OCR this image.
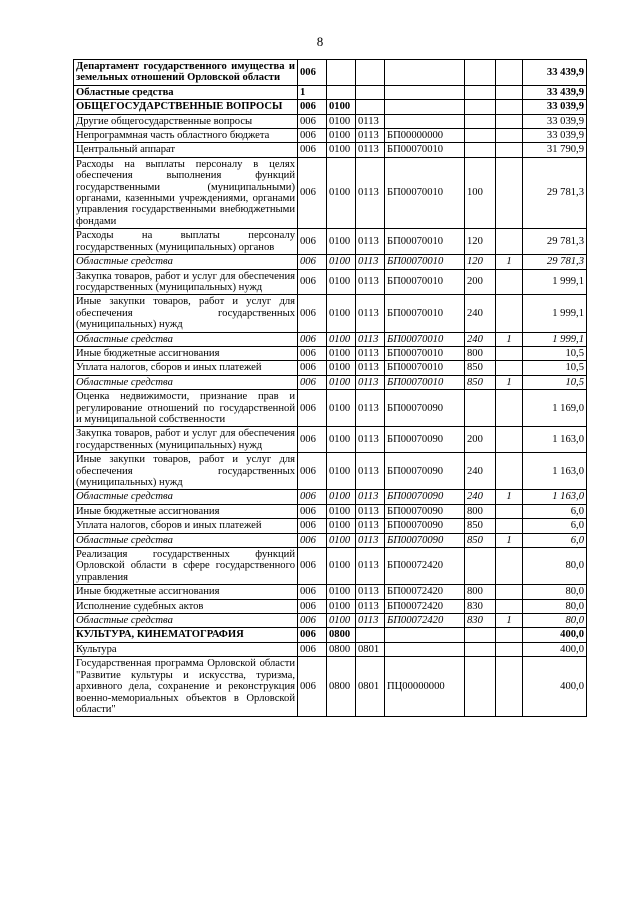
8
Департамент государственного имущества и земельных отношений Орловской области	006						33 439,9
Областные средства	1						33 439,9
ОБЩЕГОСУДАРСТВЕННЫЕ ВОПРОСЫ	006	0100					33 039,9
Другие общегосударственные вопросы	006	0100	0113				33 039,9
Непрограммная часть областного бюджета	006	0100	0113	БП00000000			33 039,9
Центральный аппарат	006	0100	0113	БП00070010			31 790,9
Расходы на выплаты персоналу в целях обеспечения выполнения функций государственными (муниципальными) органами, казенными учреждениями, органами управления государственными внебюджетными фондами	006	0100	0113	БП00070010	100		29 781,3
Расходы на выплаты персоналу государственных (муниципальных) органов	006	0100	0113	БП00070010	120		29 781,3
Областные средства	006	0100	0113	БП00070010	120	1	29 781,3
Закупка товаров, работ и услуг для обеспечения государственных (муниципальных) нужд	006	0100	0113	БП00070010	200		1 999,1
Иные закупки товаров, работ и услуг для обеспечения государственных (муниципальных) нужд	006	0100	0113	БП00070010	240		1 999,1
Областные средства	006	0100	0113	БП00070010	240	1	1 999,1
Иные бюджетные ассигнования	006	0100	0113	БП00070010	800		10,5
Уплата налогов, сборов и иных платежей	006	0100	0113	БП00070010	850		10,5
Областные средства	006	0100	0113	БП00070010	850	1	10,5
Оценка недвижимости, признание прав и регулирование отношений по государственной и муниципальной собственности	006	0100	0113	БП00070090			1 169,0
Закупка товаров, работ и услуг для обеспечения государственных (муниципальных) нужд	006	0100	0113	БП00070090	200		1 163,0
Иные закупки товаров, работ и услуг для обеспечения государственных (муниципальных) нужд	006	0100	0113	БП00070090	240		1 163,0
Областные средства	006	0100	0113	БП00070090	240	1	1 163,0
Иные бюджетные ассигнования	006	0100	0113	БП00070090	800		6,0
Уплата налогов, сборов и иных платежей	006	0100	0113	БП00070090	850		6,0
Областные средства	006	0100	0113	БП00070090	850	1	6,0
Реализация государственных функций Орловской области в сфере государственного управления	006	0100	0113	БП00072420			80,0
Иные бюджетные ассигнования	006	0100	0113	БП00072420	800		80,0
Исполнение судебных актов	006	0100	0113	БП00072420	830		80,0
Областные средства	006	0100	0113	БП00072420	830	1	80,0
КУЛЬТУРА, КИНЕМАТОГРАФИЯ	006	0800					400,0
Культура	006	0800	0801				400,0
Государственная программа Орловской области "Развитие культуры и искусства, туризма, архивного дела, сохранение и реконструкция военно-мемориальных объектов в Орловской области"	006	0800	0801	ПЦ00000000			400,0
